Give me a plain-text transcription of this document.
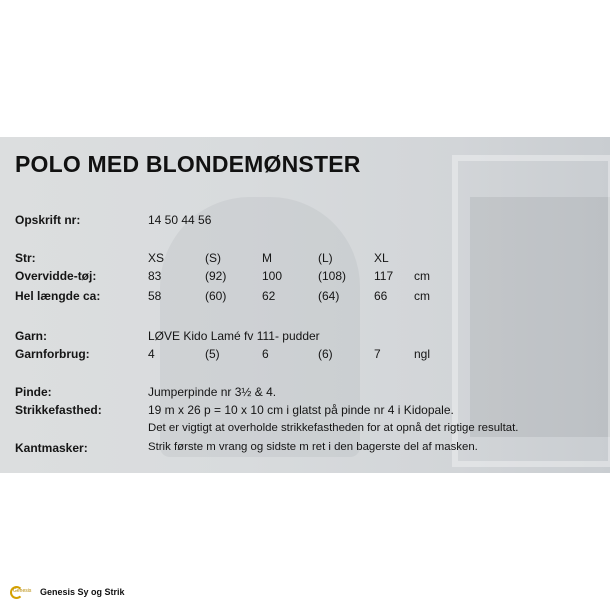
POLO MED BLONDEMØNSTER
Opskrift nr:	14 50 44 56
Str:	XS	(S)	M	(L)	XL
Overvidde-tøj:	83	(92)	100	(108) 117 cm
Hel længde ca:	58	(60)	62	(64)	66 cm
Garn:	LØVE Kido Lamé fv 111- pudder
Garnforbrug:	4	(5)	6	(6)	7	ngl
Pinde:	Jumperpinde nr 3½ & 4.
Strikkefasthed:	19 m x 26 p = 10 x 10 cm i glatst på pinde nr 4 i Kidopale.
Det er vigtigt at overholde strikkefastheden for at opnå det rigtige resultat.
Kantmasker:	Strik første m vrang og sidste m ret i den bagerste del af masken.
Genesis Genesis Sy og Strik
